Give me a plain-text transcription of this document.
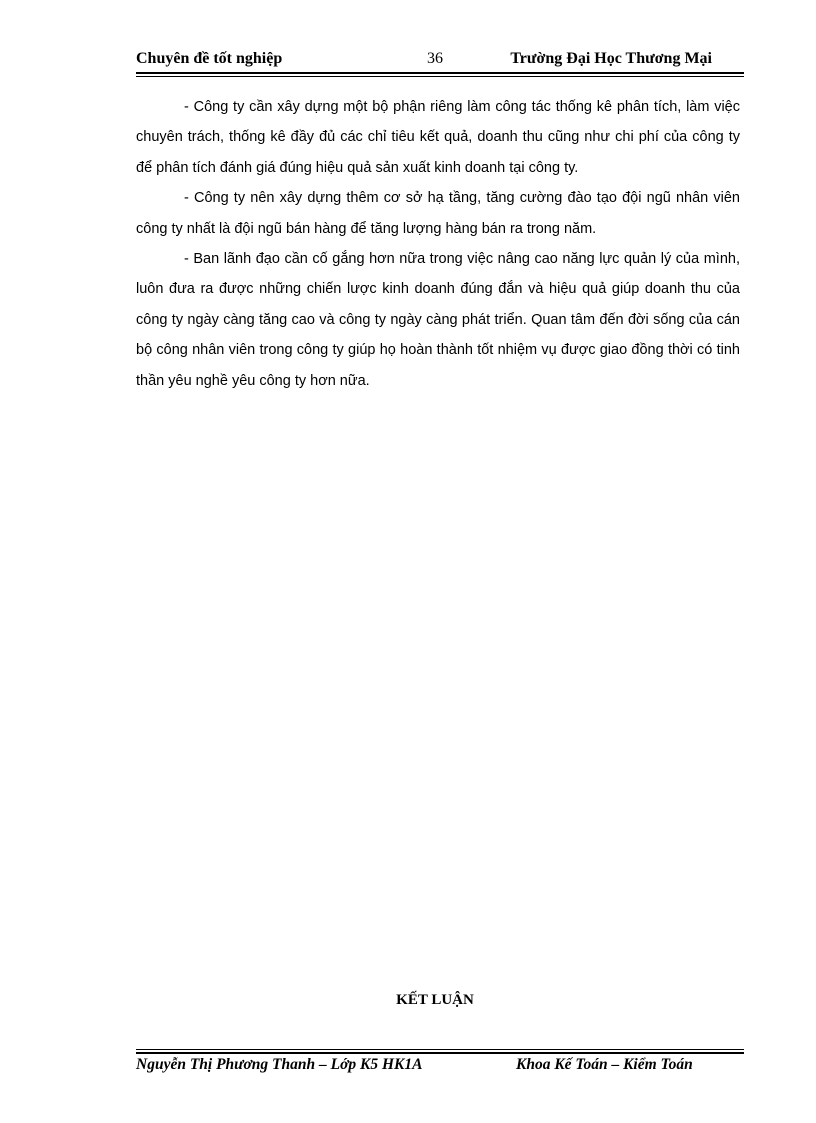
Chuyên đề tốt nghiệp	36	Trường Đại Học Thương Mại

- Công ty cần xây dựng một bộ phận riêng làm công tác thống kê phân tích, làm việc chuyên trách, thống kê đầy đủ các chỉ tiêu kết quả, doanh thu cũng như chi phí của công ty để phân tích đánh giá đúng hiệu quả sản xuất kinh doanh tại công ty.

- Công ty nên xây dựng thêm cơ sở hạ tầng, tăng cường đào tạo đội ngũ nhân viên công ty nhất là đội ngũ bán hàng để tăng lượng hàng bán ra trong năm.

- Ban lãnh đạo cần cố gắng hơn nữa trong việc nâng cao năng lực quản lý của mình, luôn đưa ra được những chiến lược kinh doanh đúng đắn và hiệu quả giúp doanh thu của công ty ngày càng tăng cao và công ty ngày càng phát triển. Quan tâm đến đời sống của cán bộ công nhân viên trong công ty giúp họ hoàn thành tốt nhiệm vụ được giao đồng thời có tinh thần yêu nghề yêu công ty hơn nữa.

KẾT LUẬN
Nguyễn Thị Phương Thanh – Lớp K5 HK1A	Khoa Kế Toán – Kiểm Toán
